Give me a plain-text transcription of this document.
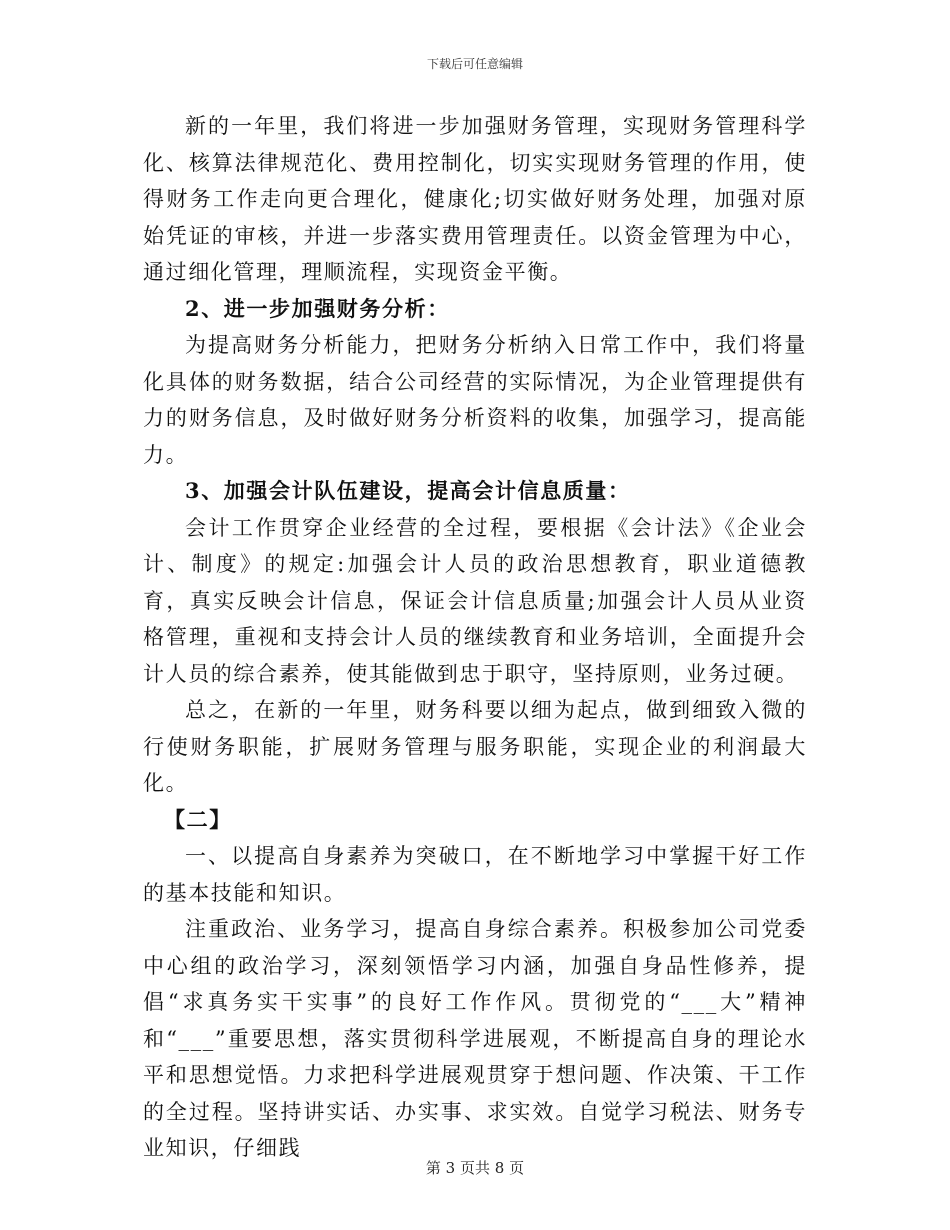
下载后可任意编辑

新的一年里，我们将进一步加强财务管理，实现财务管理科学化、核算法律规范化、费用控制化，切实实现财务管理的作用，使得财务工作走向更合理化，健康化;切实做好财务处理，加强对原始凭证的审核，并进一步落实费用管理责任。以资金管理为中心，通过细化管理，理顺流程，实现资金平衡。

2、进一步加强财务分析：

为提高财务分析能力，把财务分析纳入日常工作中，我们将量化具体的财务数据，结合公司经营的实际情况，为企业管理提供有力的财务信息，及时做好财务分析资料的收集，加强学习，提高能力。

3、加强会计队伍建设，提高会计信息质量：

会计工作贯穿企业经营的全过程，要根据《会计法》《企业会计、制度》的规定:加强会计人员的政治思想教育，职业道德教育，真实反映会计信息，保证会计信息质量;加强会计人员从业资格管理，重视和支持会计人员的继续教育和业务培训，全面提升会计人员的综合素养，使其能做到忠于职守，坚持原则，业务过硬。

总之，在新的一年里，财务科要以细为起点，做到细致入微的行使财务职能，扩展财务管理与服务职能，实现企业的利润最大化。

【二】

一、以提高自身素养为突破口，在不断地学习中掌握干好工作的基本技能和知识。

注重政治、业务学习，提高自身综合素养。积极参加公司党委中心组的政治学习，深刻领悟学习内涵，加强自身品性修养，提倡“求真务实干实事”的良好工作作风。贯彻党的“___大”精神和“___”重要思想，落实贯彻科学进展观，不断提高自身的理论水平和思想觉悟。力求把科学进展观贯穿于想问题、作决策、干工作的全过程。坚持讲实话、办实事、求实效。自觉学习税法、财务专业知识，仔细践

第 3 页共 8 页
